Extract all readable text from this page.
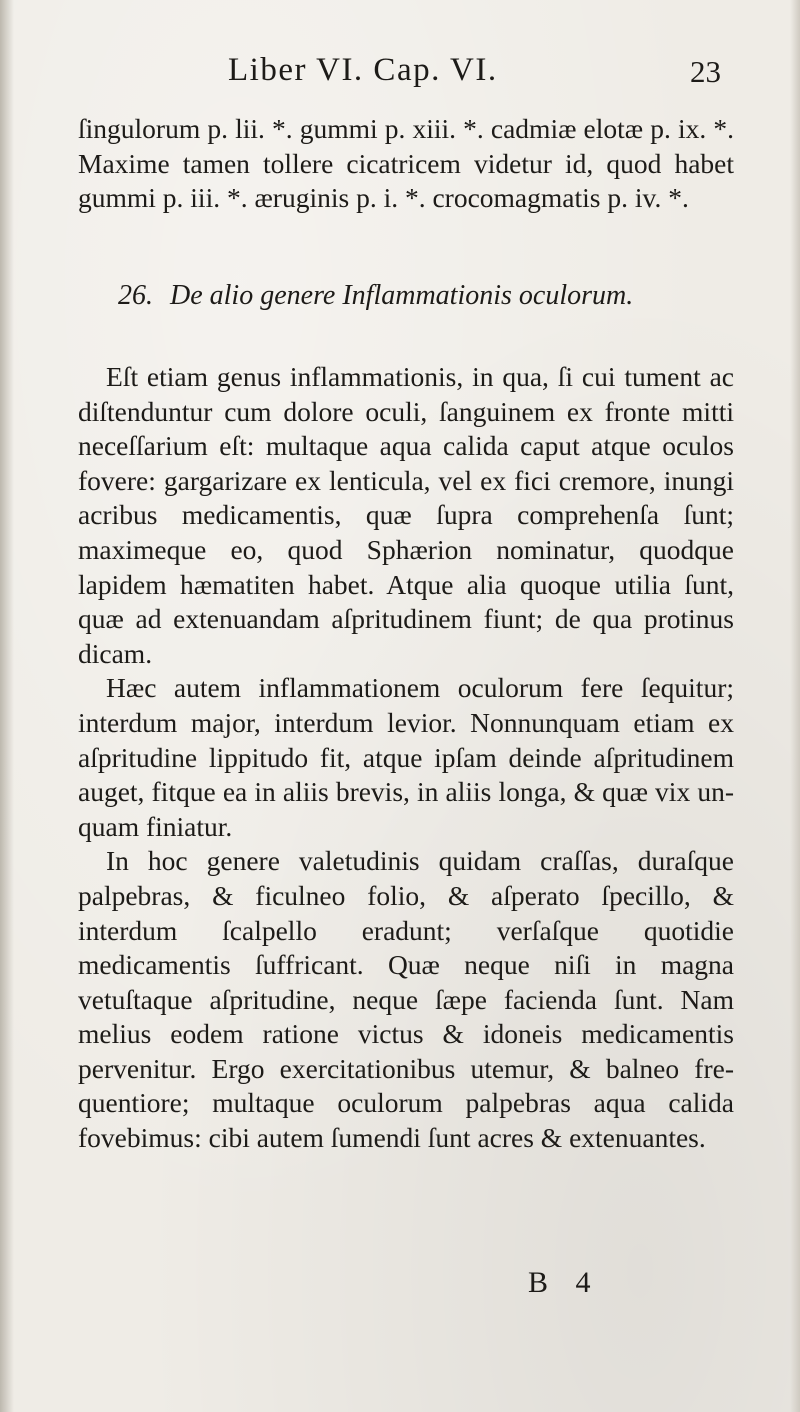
Liber VI. Cap. VI.	23

ſingulorum p. lii. *. gummi p. xiii. *. cadmiæ elotæ p. ix. *. Maxime tamen tollere cicatricem videtur id, quod habet gummi p. iii. *. æruginis p. i. *. crocomagmatis p. iv. *.

26. De alio genere Inflammationis oculorum.

Eſt etiam genus inflammationis, in qua, ſi cui tument ac diſtenduntur cum dolore oculi, ſanguinem ex fronte mitti neceſſarium eſt: multaque aqua calida caput atque oculos fovere: gargarizare ex lenticula, vel ex fici cremore, inungi acribus medicamentis, quæ ſupra comprehenſa ſunt; maximeque eo, quod Sphærion nominatur, quodque lapidem hæmatiten habet. Atque alia quoque utilia ſunt, quæ ad extenuandam aſpritudinem fiunt; de qua protinus dicam.

Hæc autem inflammationem oculorum fere ſequitur; interdum major, interdum levior. Nonnunquam etiam ex aſpritudine lippitudo fit, atque ipſam deinde aſpritudinem auget, fitque ea in aliis brevis, in aliis longa, & quæ vix unquam finiatur.

In hoc genere valetudinis quidam craſſas, duraſque palpebras, & ficulneo folio, & aſperato ſpecillo, & interdum ſcalpello eradunt; verſaſque quotidie medicamentis ſuffricant. Quæ neque niſi in magna vetuſtaque aſpritudine, neque ſæpe facienda ſunt. Nam melius eodem ratione victus & idoneis medicamentis pervenitur. Ergo exercitationibus utemur, & balneo frequentiore; multaque oculorum palpebras aqua calida fovebimus: cibi autem ſumendi ſunt acres & extenuantes.

B 4
